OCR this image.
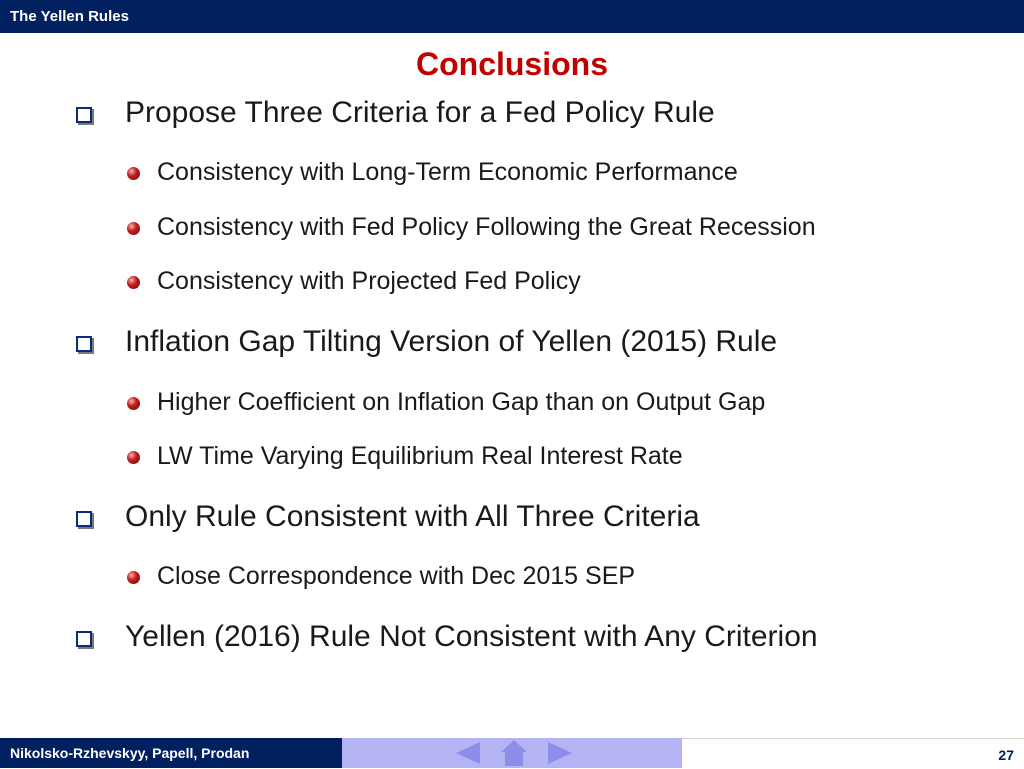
The Yellen Rules
Conclusions
Propose Three Criteria for a Fed Policy Rule
Consistency with Long-Term Economic Performance
Consistency with Fed Policy Following the Great Recession
Consistency with Projected Fed Policy
Inflation Gap Tilting Version of Yellen (2015) Rule
Higher Coefficient on Inflation Gap than on Output Gap
LW Time Varying Equilibrium Real Interest Rate
Only Rule Consistent with All Three Criteria
Close Correspondence with Dec 2015 SEP
Yellen (2016) Rule Not Consistent with Any Criterion
Nikolsko-Rzhevskyy, Papell, Prodan	27
